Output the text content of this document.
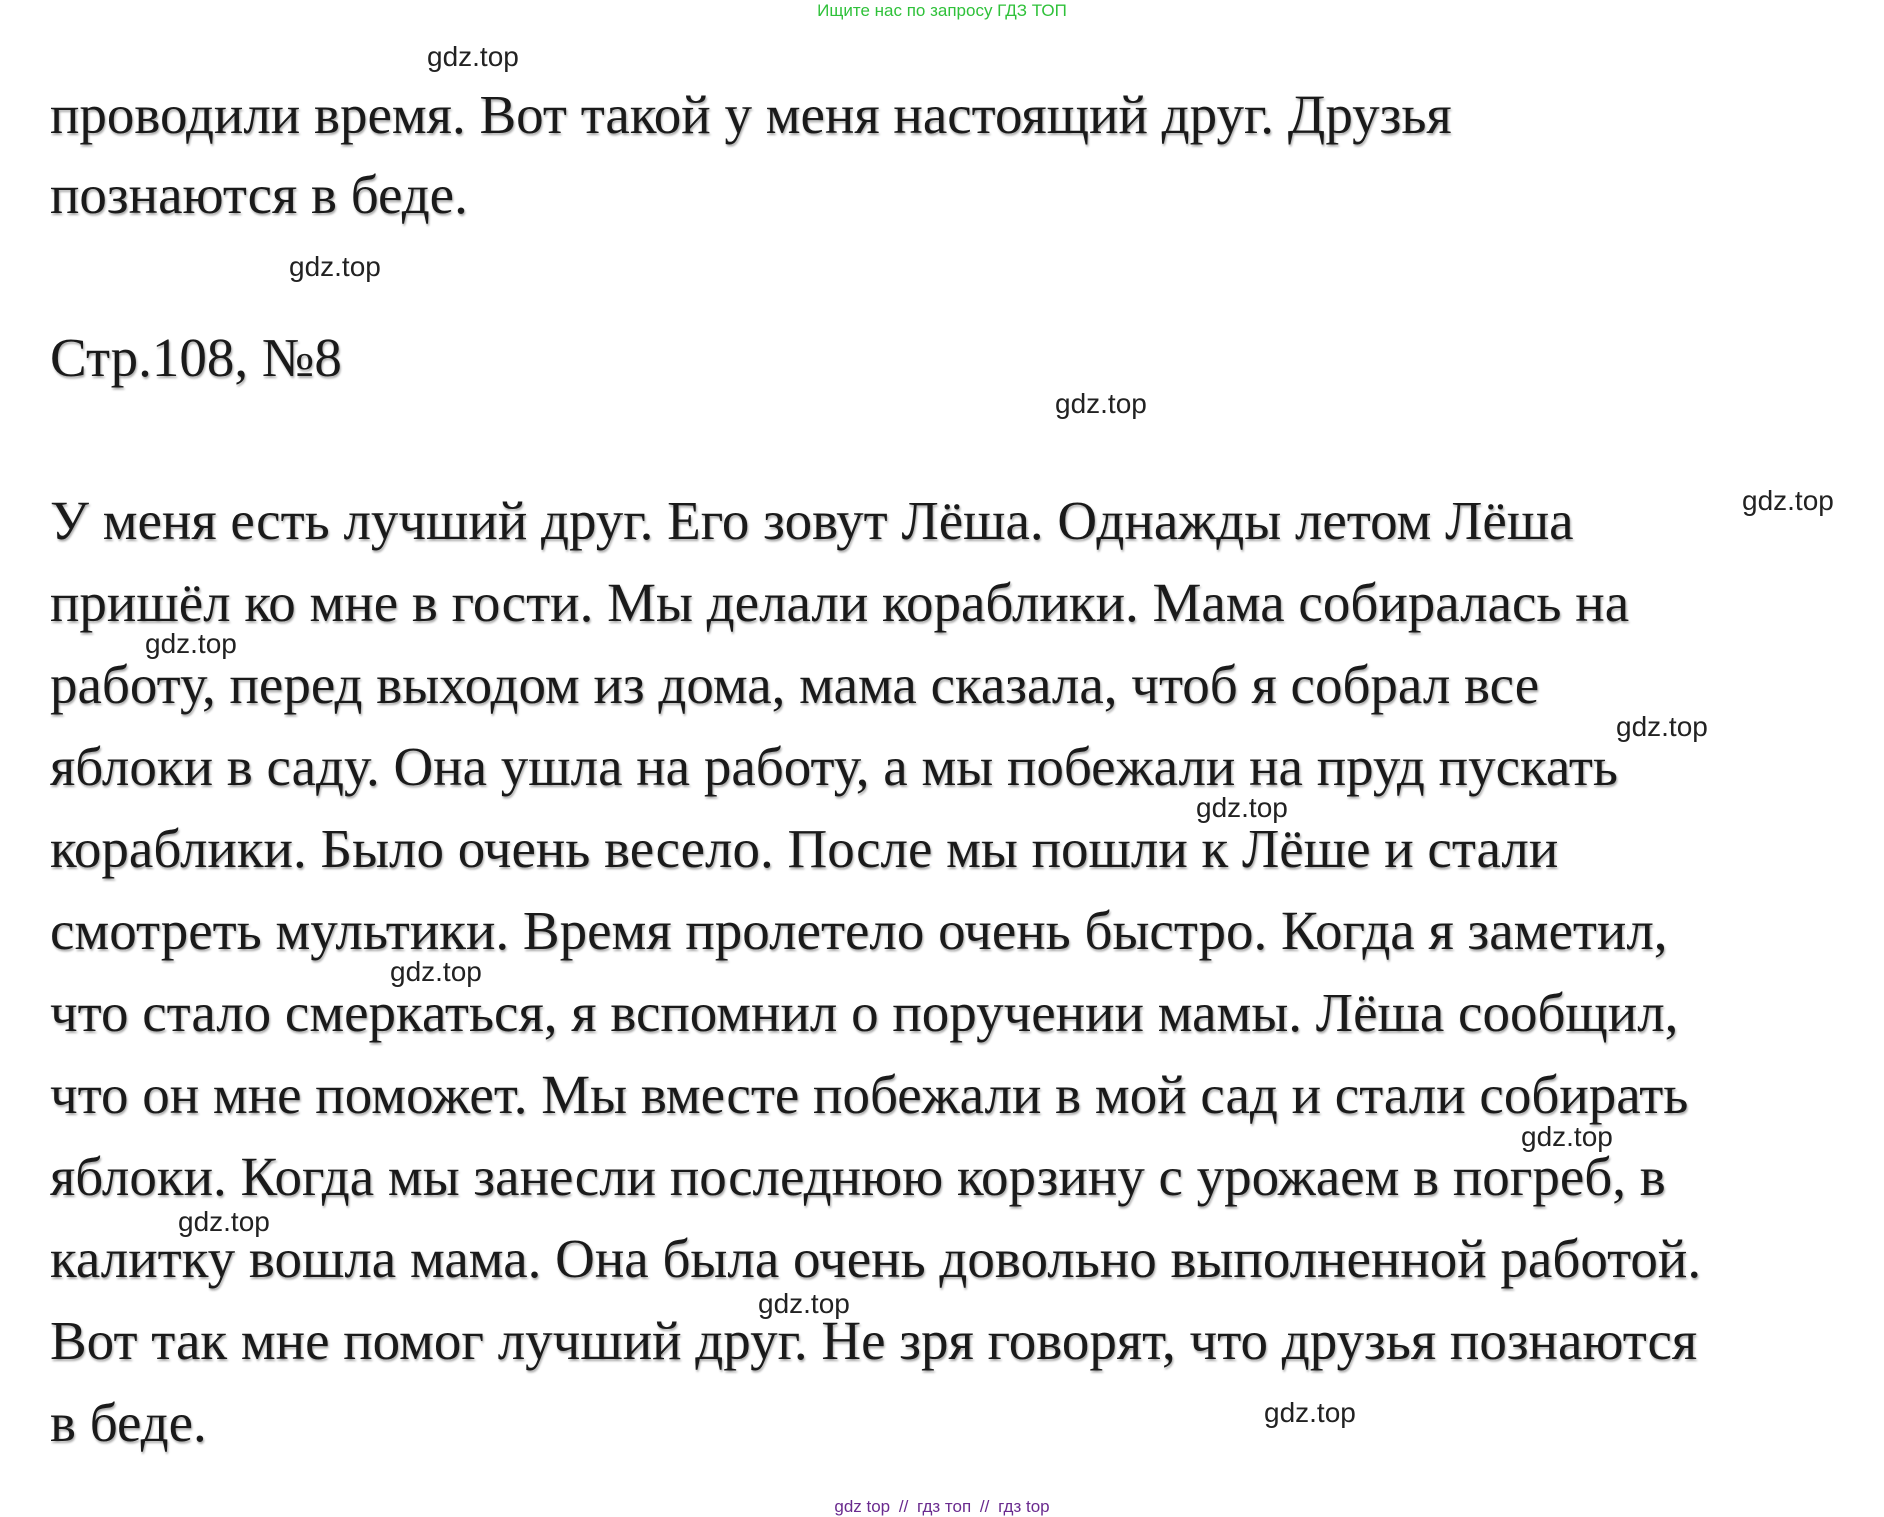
Ищите нас по запросу ГДЗ ТОП
проводили время. Вот такой у меня настоящий друг. Друзья
познаются в беде.
Стр.108, №8
У меня есть лучший друг. Его зовут Лёша. Однажды летом Лёша
пришёл ко мне в гости. Мы делали кораблики. Мама собиралась на
работу, перед выходом из дома, мама сказала, чтоб я собрал все
яблоки в саду. Она ушла на работу, а мы побежали на пруд пускать
кораблики. Было очень весело. После мы пошли к Лёше и стали
смотреть мультики. Время пролетело очень быстро. Когда я заметил,
что стало смеркаться, я вспомнил о поручении мамы. Лёша сообщил,
что он мне поможет. Мы вместе побежали в мой сад и стали собирать
яблоки. Когда мы занесли последнюю корзину с урожаем в погреб, в
калитку вошла мама. Она была очень довольно выполненной работой.
Вот так мне помог лучший друг. Не зря говорят, что друзья познаются
в беде.
gdz.top
gdz.top
gdz.top
gdz.top
gdz.top
gdz.top
gdz.top
gdz.top
gdz.top
gdz.top
gdz.top
gdz.top
gdz top // гдз топ // гдз top
